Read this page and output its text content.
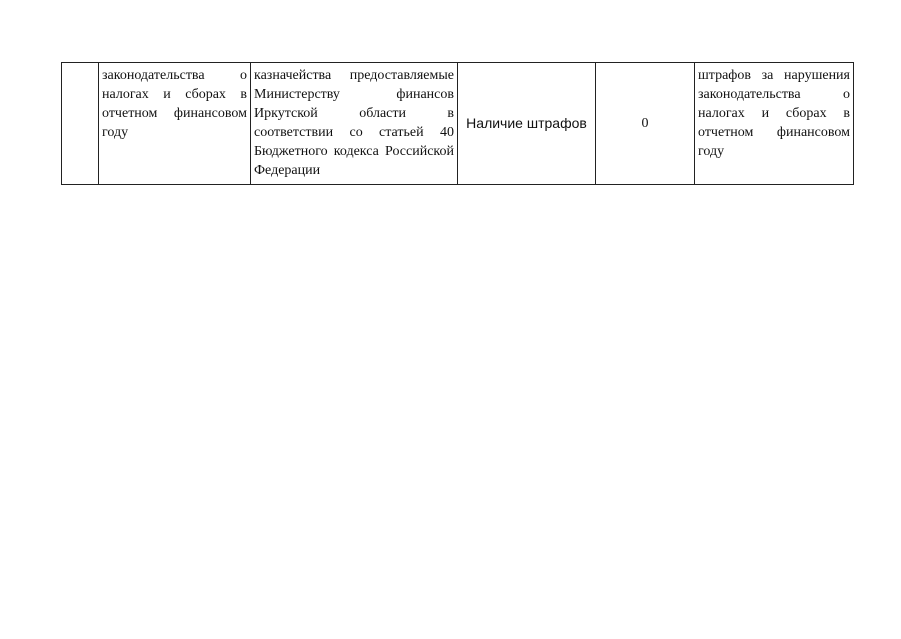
	законодательства о налогах и сборах в отчетном финансовом году	казначейства предоставляемые Министерству финансов Иркутской области в соответствии со статьей 40 Бюджетного кодекса Российской Федерации	Наличие штрафов	0	штрафов за нарушения законодательства о налогах и сборах в отчетном финансовом году
